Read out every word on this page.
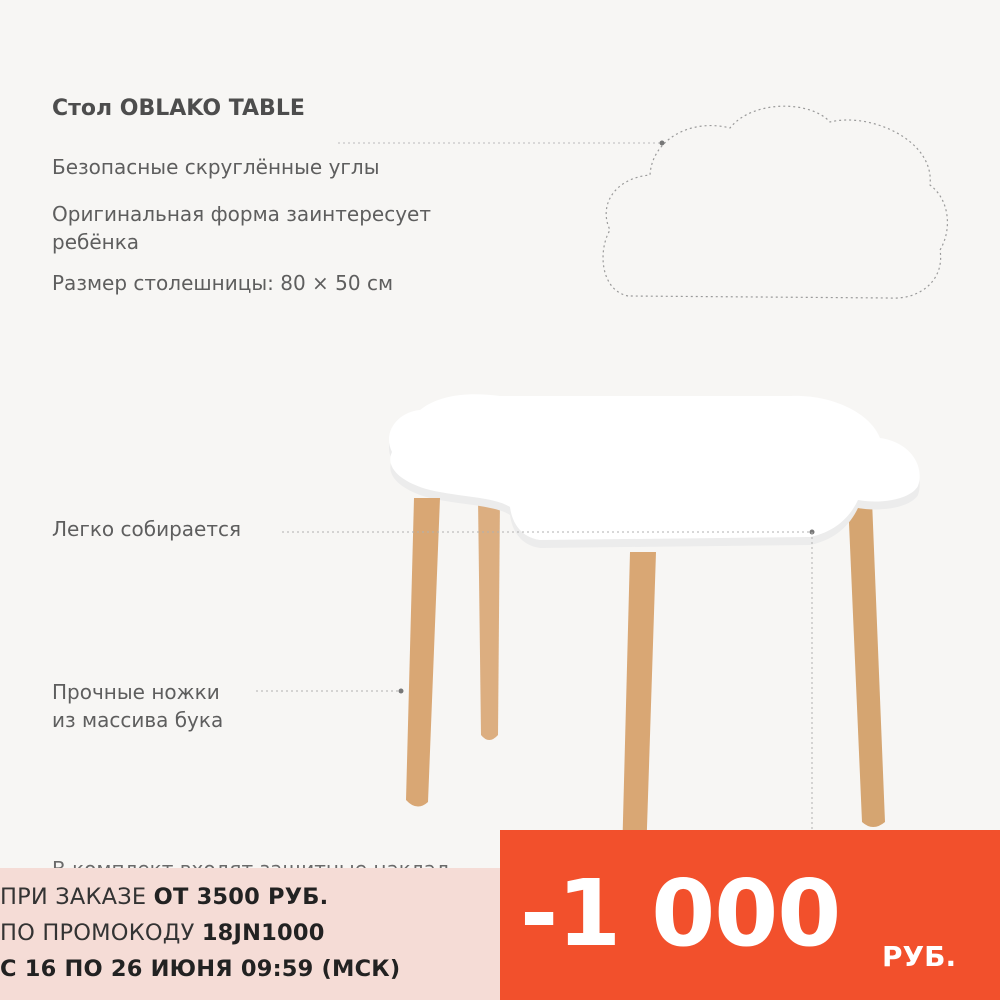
Стол OBLAKO TABLE
Безопасные скруглённые углы
Оригинальная форма заинтересует ребёнка
Размер столешницы: 80 × 50 см
Легко собирается
Прочные ножки
из массива бука
ПРИ ЗАКАЗЕ ОТ 3500 РУБ.
ПО ПРОМОКОДУ 18JN1000
С 16 ПО 26 ИЮНЯ 09:59 (МСК)
-1 000 РУБ.
